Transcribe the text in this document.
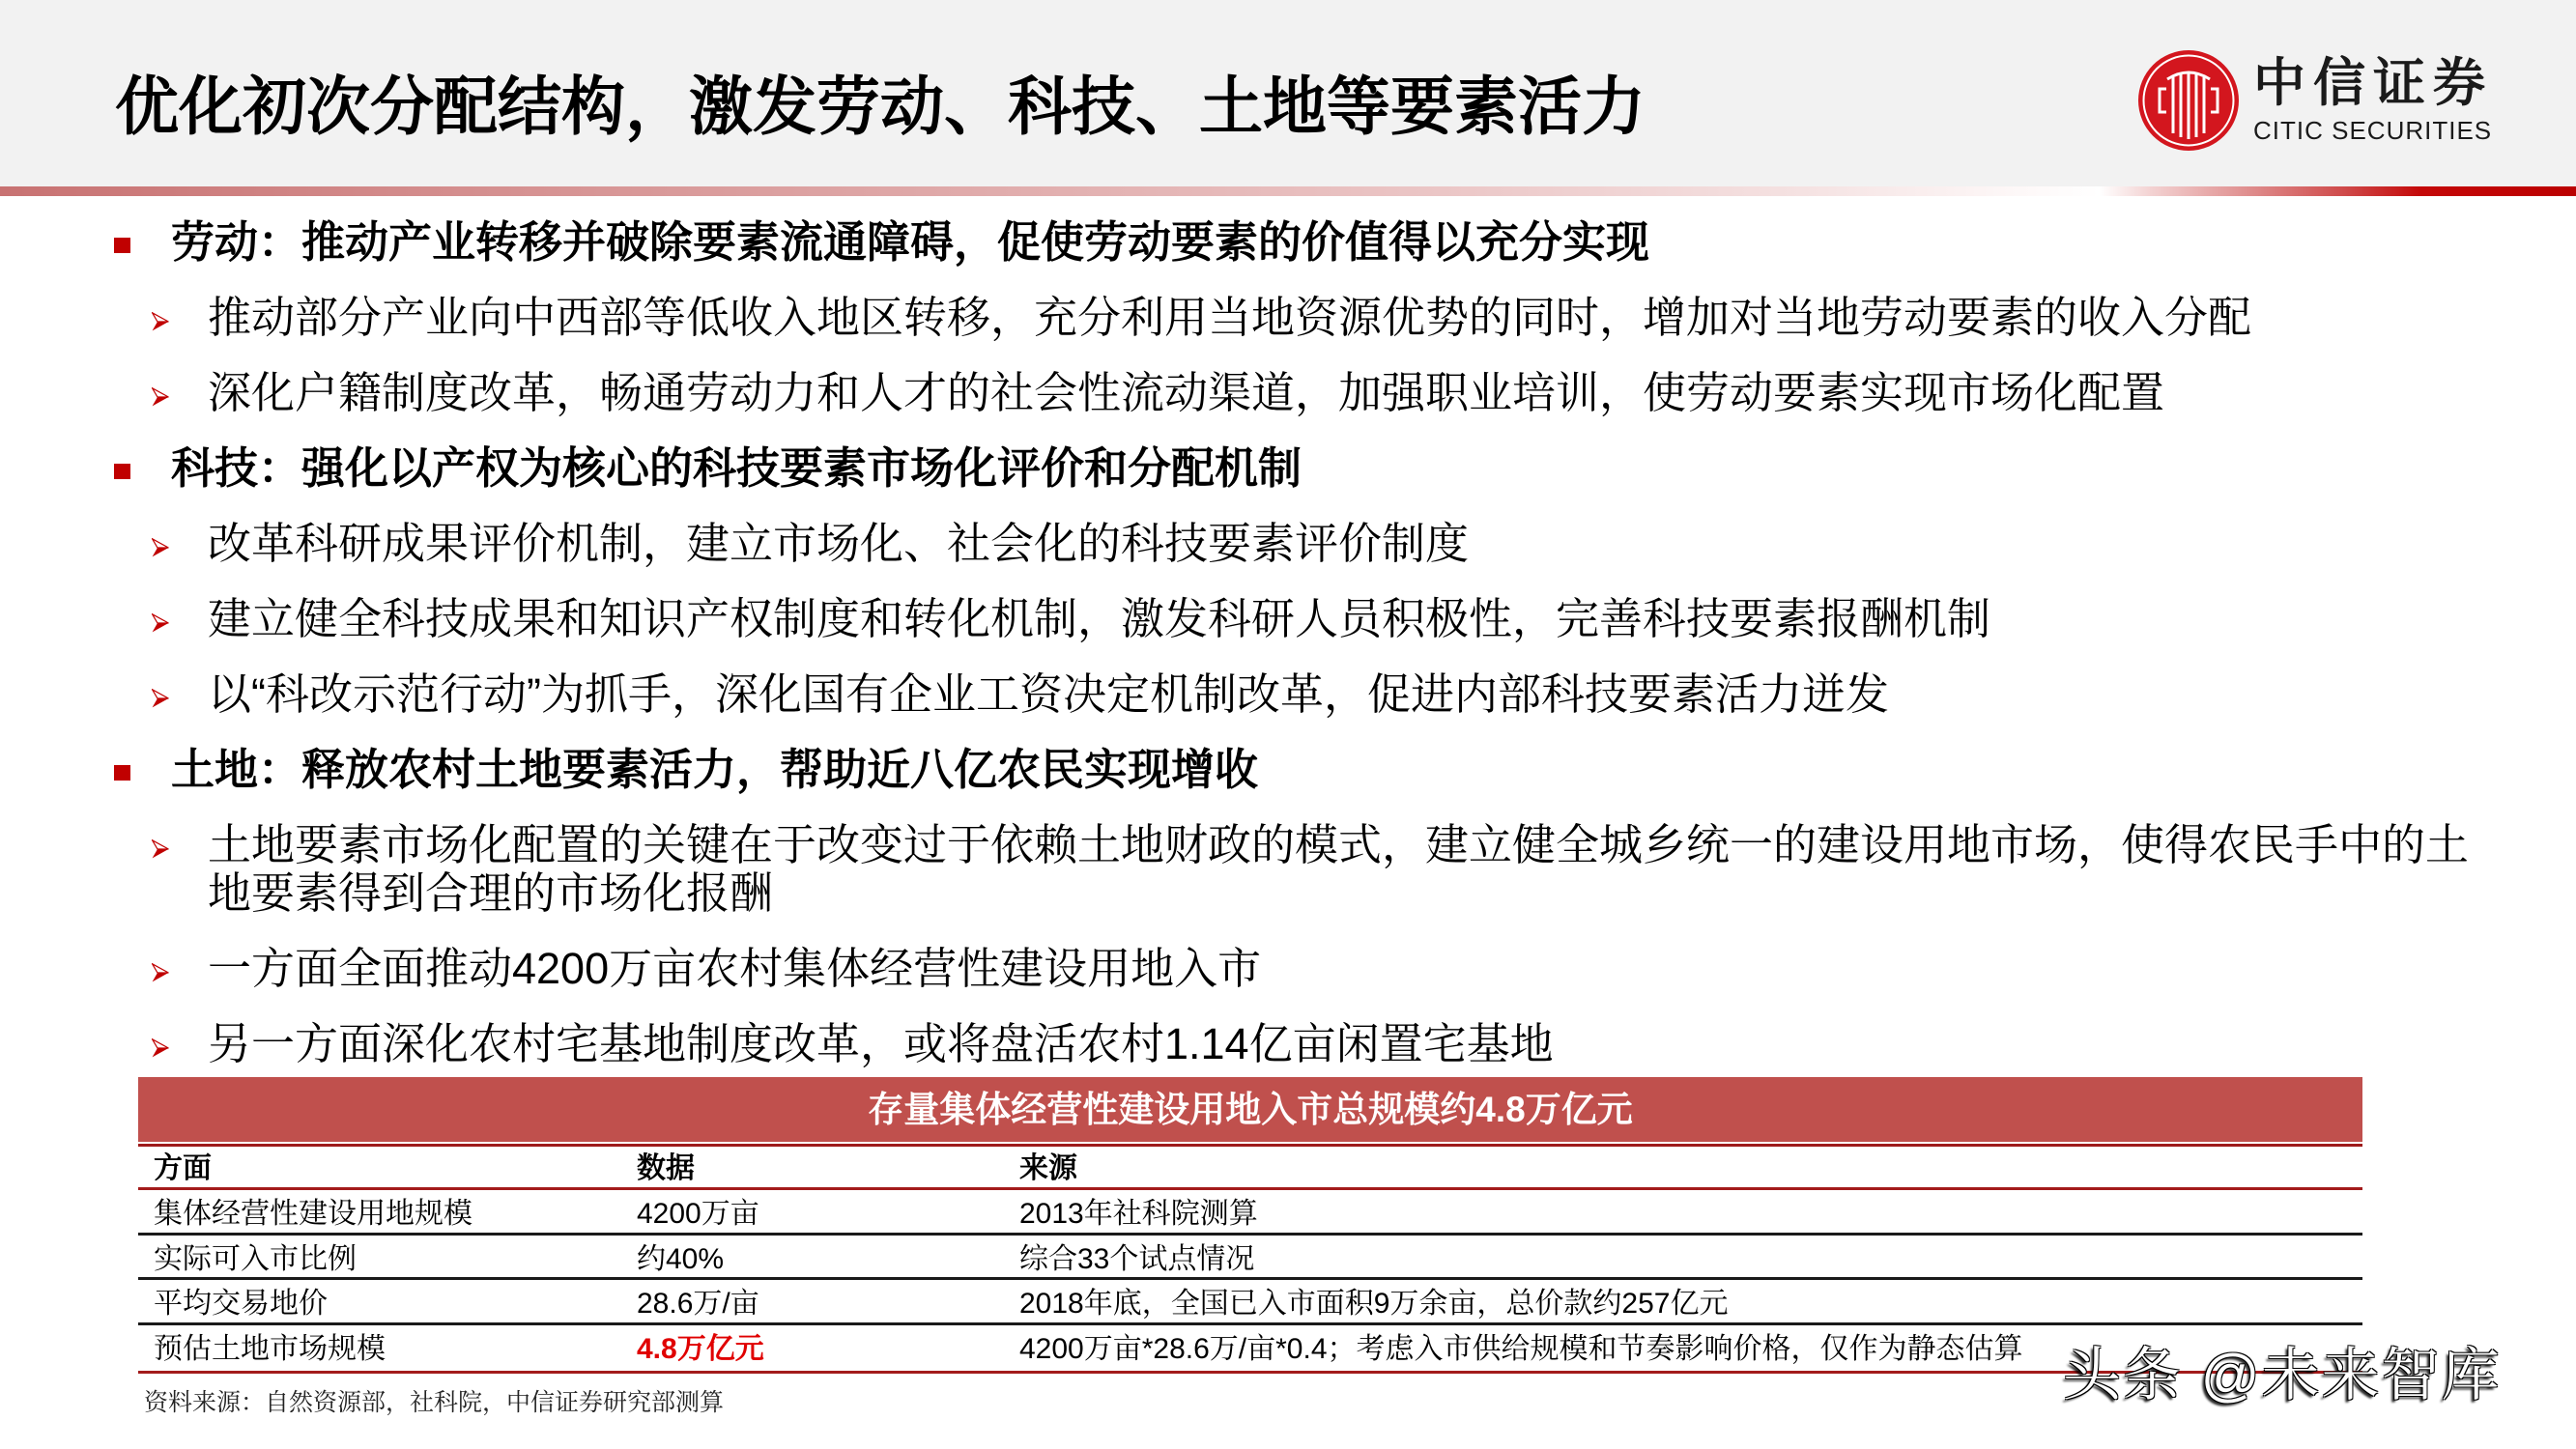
优化初次分配结构，激发劳动、科技、土地等要素活力	中信证券
CITIC SECURITIES
劳动：推动产业转移并破除要素流通障碍，促使劳动要素的价值得以充分实现
推动部分产业向中西部等低收入地区转移，充分利用当地资源优势的同时，增加对当地劳动要素的收入分配
深化户籍制度改革，畅通劳动力和人才的社会性流动渠道，加强职业培训，使劳动要素实现市场化配置
科技：强化以产权为核心的科技要素市场化评价和分配机制
改革科研成果评价机制，建立市场化、社会化的科技要素评价制度
建立健全科技成果和知识产权制度和转化机制，激发科研人员积极性，完善科技要素报酬机制
以“科改示范行动”为抓手，深化国有企业工资决定机制改革，促进内部科技要素活力迸发
土地：释放农村土地要素活力，帮助近八亿农民实现增收
土地要素市场化配置的关键在于改变过于依赖土地财政的模式，建立健全城乡统一的建设用地市场，使得农民手中的土地要素得到合理的市场化报酬
一方面全面推动4200万亩农村集体经营性建设用地入市
另一方面深化农村宅基地制度改革，或将盘活农村1.14亿亩闲置宅基地
存量集体经营性建设用地入市总规模约4.8万亿元
方面	数据	来源
集体经营性建设用地规模	4200万亩	2013年社科院测算
实际可入市比例	约40%	综合33个试点情况
平均交易地价	28.6万/亩	2018年底，全国已入市面积9万余亩，总价款约257亿元
预估土地市场规模	4.8万亿元	4200万亩*28.6万/亩*0.4；考虑入市供给规模和节奏影响价格，仅作为静态估算
资料来源：自然资源部，社科院，中信证券研究部测算	头条 @未来智库
